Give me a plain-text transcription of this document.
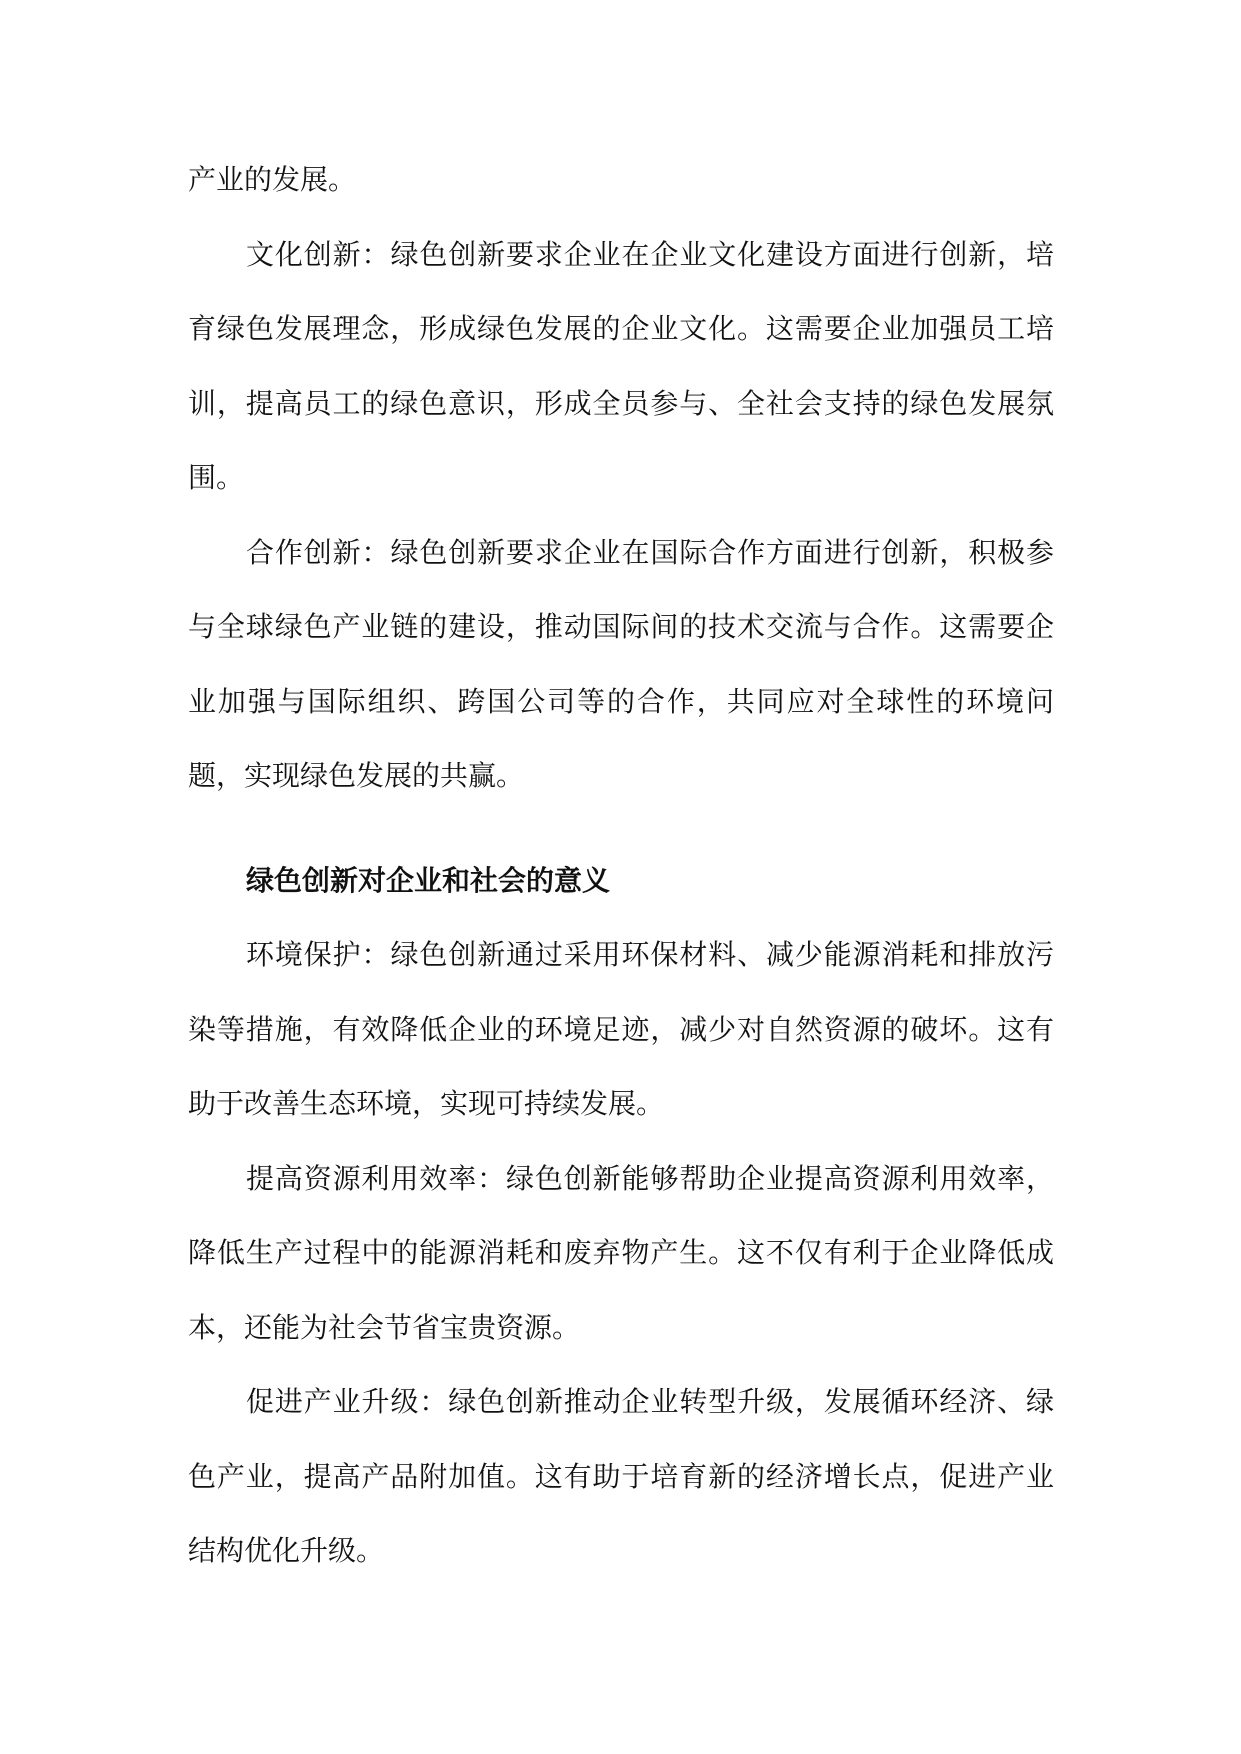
产业的发展。

文化创新：绿色创新要求企业在企业文化建设方面进行创新，培育绿色发展理念，形成绿色发展的企业文化。这需要企业加强员工培训，提高员工的绿色意识，形成全员参与、全社会支持的绿色发展氛围。

合作创新：绿色创新要求企业在国际合作方面进行创新，积极参与全球绿色产业链的建设，推动国际间的技术交流与合作。这需要企业加强与国际组织、跨国公司等的合作，共同应对全球性的环境问题，实现绿色发展的共赢。

绿色创新对企业和社会的意义

环境保护：绿色创新通过采用环保材料、减少能源消耗和排放污染等措施，有效降低企业的环境足迹，减少对自然资源的破坏。这有助于改善生态环境，实现可持续发展。

提高资源利用效率：绿色创新能够帮助企业提高资源利用效率，降低生产过程中的能源消耗和废弃物产生。这不仅有利于企业降低成本，还能为社会节省宝贵资源。

促进产业升级：绿色创新推动企业转型升级，发展循环经济、绿色产业，提高产品附加值。这有助于培育新的经济增长点，促进产业结构优化升级。
